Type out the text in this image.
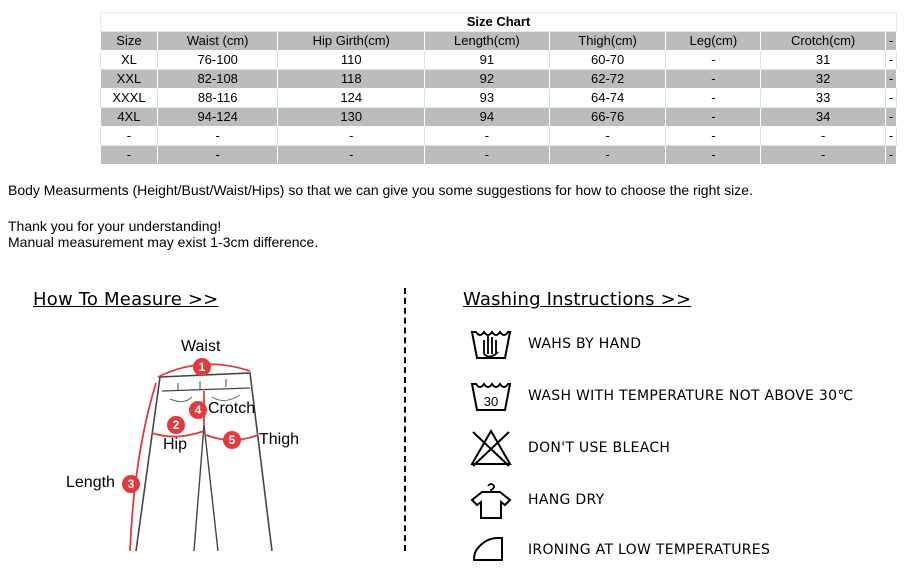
Size Chart							
Size	Waist (cm)	Hip Girth(cm)	Length(cm)	Thigh(cm)	Leg(cm)	Crotch(cm)	-
XL	76-100	110	91	60-70	-	31	-
XXL	82-108	118	92	62-72	-	32	-
XXXL	88-116	124	93	64-74	-	33	-
4XL	94-124	130	94	66-76	-	34	-
-	-	-	-	-	-	-	-
-	-	-	-	-	-	-	-
Body Measurments (Height/Bust/Waist/Hips) so that we can give you some suggestions for how to choose the right size.
Thank you for your understanding!
Manual measurement may exist 1-3cm difference.
How To Measure >>
Waist
1
4 Crotch
2
Hip	5	Thigh
Length	3
Washing Instructions >>
WAHS BY HAND
30 WASH WITH TEMPERATURE NOT ABOVE 30℃
DON'T USE BLEACH
HANG DRY
IRONING AT LOW TEMPERATURES
